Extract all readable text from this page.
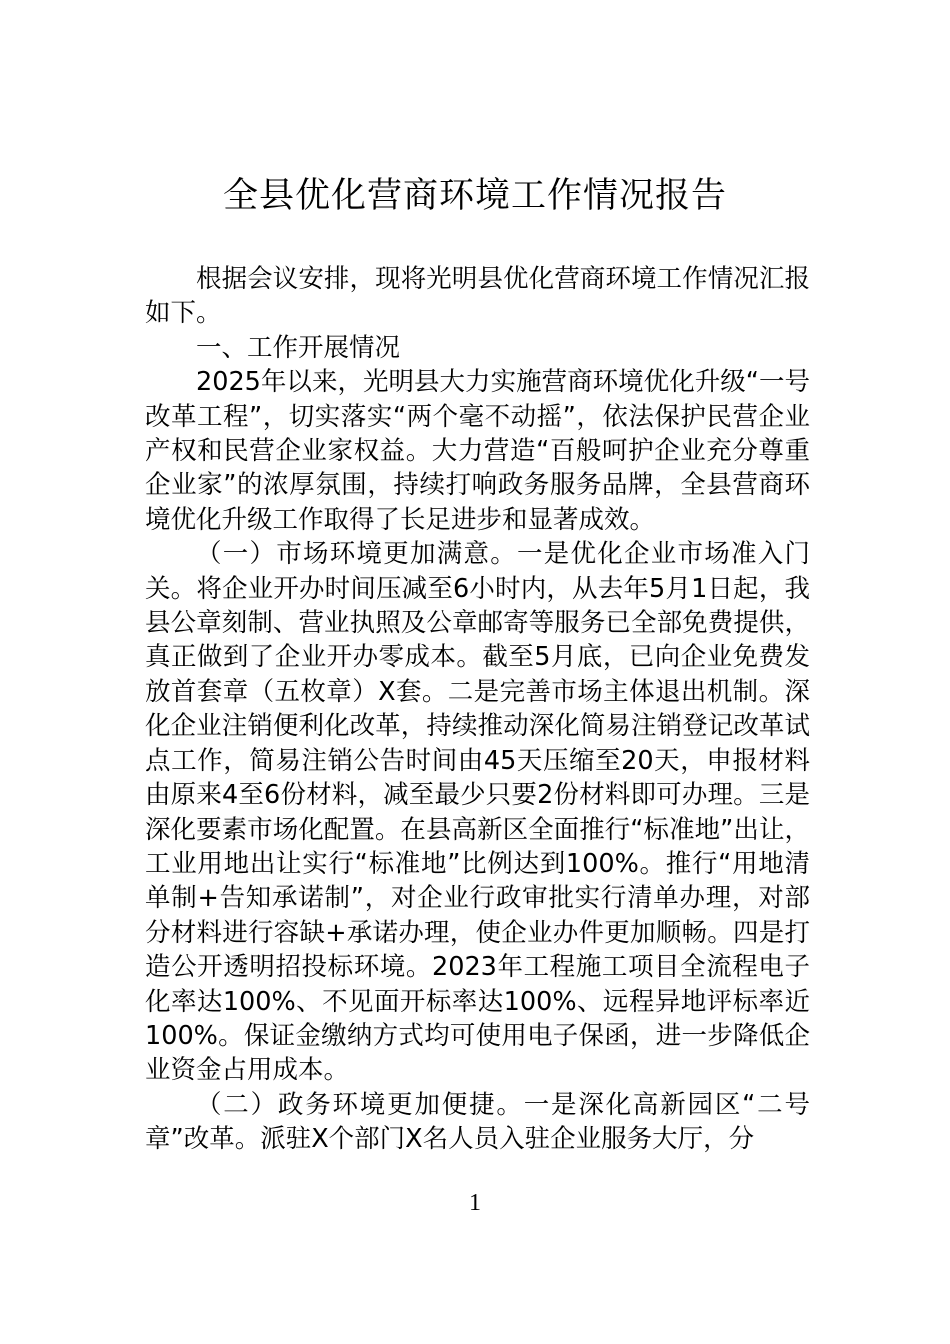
全县优化营商环境工作情况报告

根据会议安排，现将光明县优化营商环境工作情况汇报如下。

一、工作开展情况

2025年以来，光明县大力实施营商环境优化升级“一号改革工程”，切实落实“两个毫不动摇”，依法保护民营企业产权和民营企业家权益。大力营造“百般呵护企业充分尊重企业家”的浓厚氛围，持续打响政务服务品牌，全县营商环境优化升级工作取得了长足进步和显著成效。

（一）市场环境更加满意。一是优化企业市场准入门关。将企业开办时间压减至6小时内，从去年5月1日起，我县公章刻制、营业执照及公章邮寄等服务已全部免费提供，真正做到了企业开办零成本。截至5月底，已向企业免费发放首套章（五枚章）X套。二是完善市场主体退出机制。深化企业注销便利化改革，持续推动深化简易注销登记改革试点工作，简易注销公告时间由45天压缩至20天，申报材料由原来4至6份材料，减至最少只要2份材料即可办理。三是深化要素市场化配置。在县高新区全面推行“标准地”出让，工业用地出让实行“标准地”比例达到100%。推行“用地清单制+告知承诺制”，对企业行政审批实行清单办理，对部分材料进行容缺+承诺办理，使企业办件更加顺畅。四是打造公开透明招投标环境。2023年工程施工项目全流程电子化率达100%、不见面开标率达100%、远程异地评标率近100%。保证金缴纳方式均可使用电子保函，进一步降低企业资金占用成本。

（二）政务环境更加便捷。一是深化高新园区“二号章”改革。派驻X个部门X名人员入驻企业服务大厅，分

1
